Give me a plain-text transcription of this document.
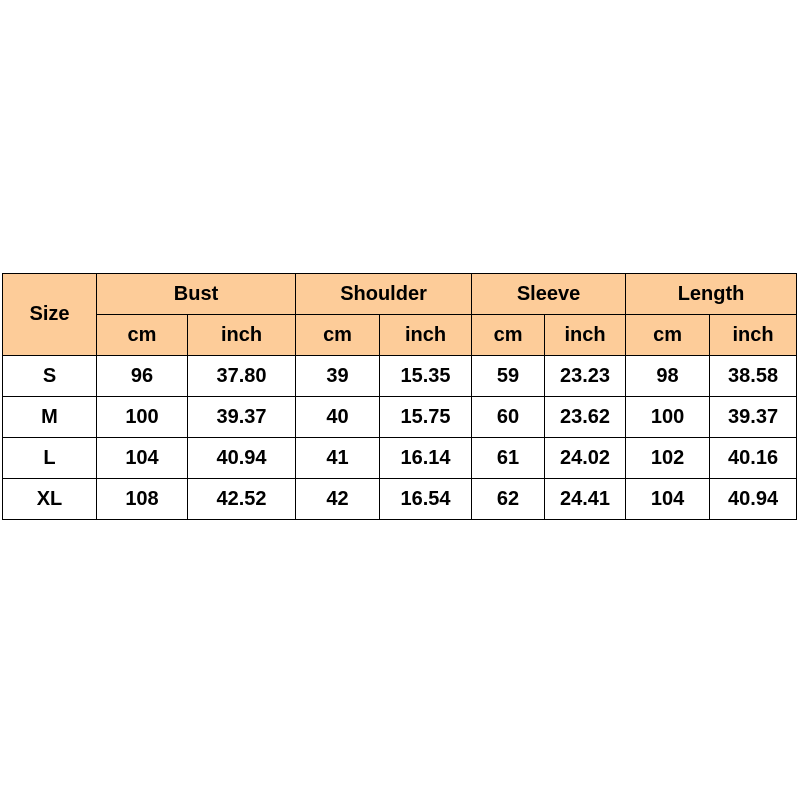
Size	Bust		Shoulder		Sleeve		Length	
	cm	inch	cm	inch	cm	inch	cm	inch
S	96	37.80	39	15.35	59	23.23	98	38.58
M	100	39.37	40	15.75	60	23.62	100	39.37
L	104	40.94	41	16.14	61	24.02	102	40.16
XL	108	42.52	42	16.54	62	24.41	104	40.94
